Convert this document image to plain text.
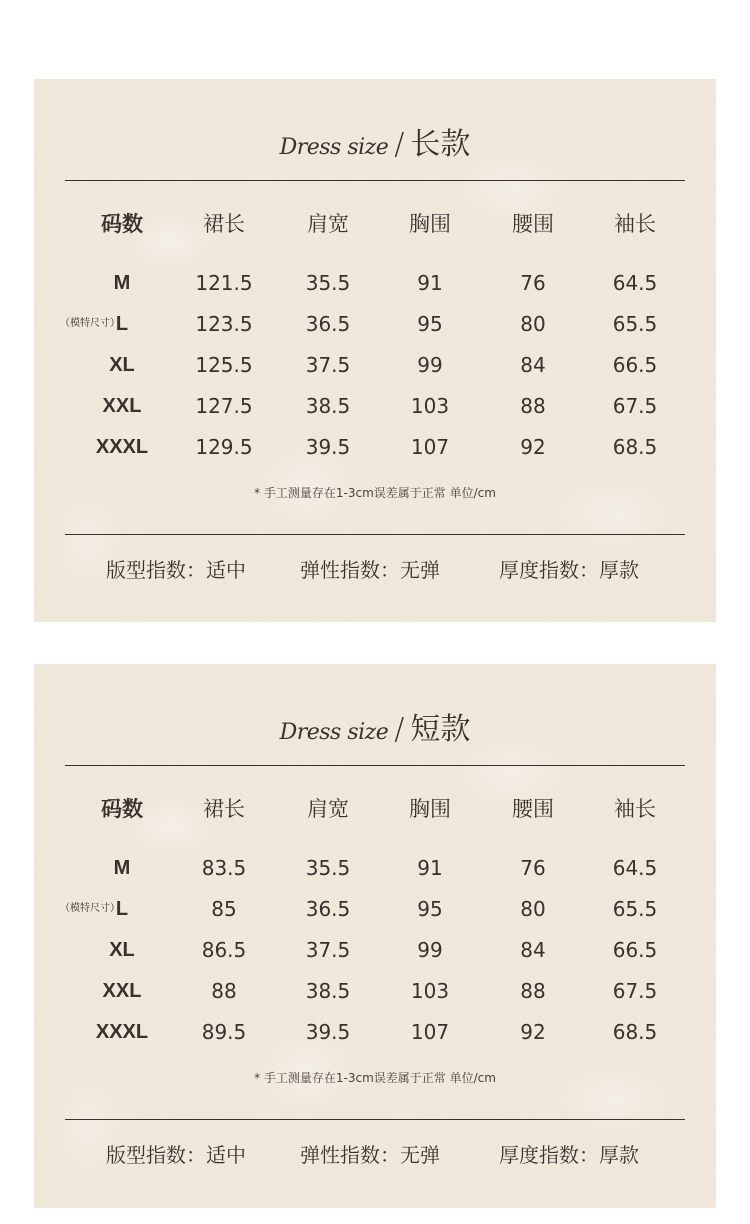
Dress size / 长款
码数	裙长	肩宽	胸围	腰围	袖长
M	121.5	35.5	91	76	64.5
（模特尺寸）
L	123.5	36.5	95	80	65.5
XL	125.5	37.5	99	84	66.5
XXL	127.5	38.5	103	88	67.5
XXXL	129.5	39.5	107	92	68.5
* 手工测量存在1-3cm误差属于正常 单位/cm
版型指数：适中	弹性指数：无弹	厚度指数：厚款
Dress size / 短款
码数	裙长	肩宽	胸围	腰围	袖长
M	83.5	35.5	91	76	64.5
（模特尺寸）
L	85	36.5	95	80	65.5
XL	86.5	37.5	99	84	66.5
XXL	88	38.5	103	88	67.5
XXXL	89.5	39.5	107	92	68.5
* 手工测量存在1-3cm误差属于正常 单位/cm
版型指数：适中	弹性指数：无弹	厚度指数：厚款
